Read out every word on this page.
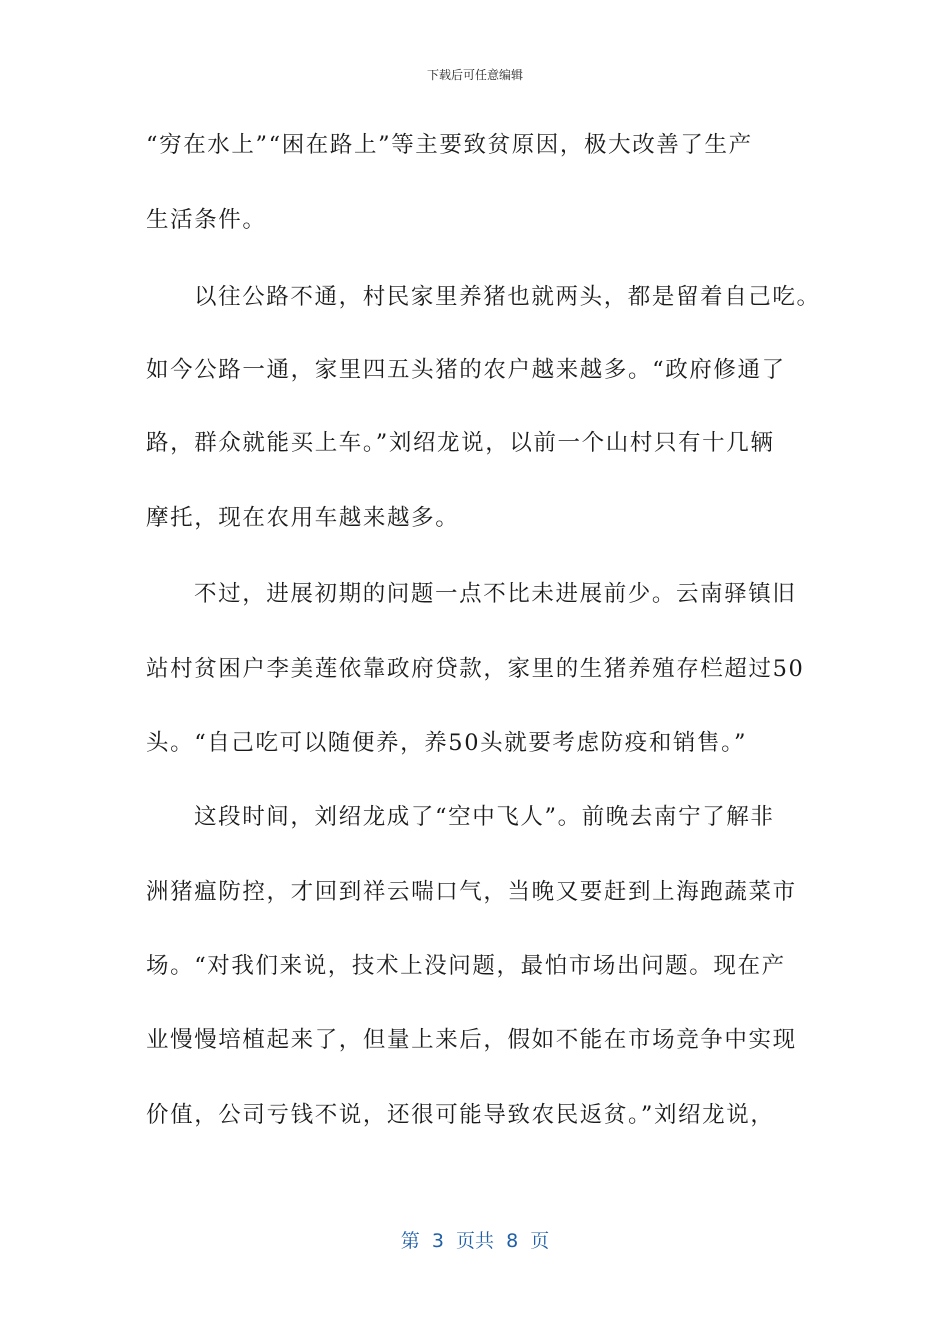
下载后可任意编辑
“穷在水上”“困在路上”等主要致贫原因，极大改善了生产
生活条件。
以往公路不通，村民家里养猪也就两头，都是留着自己吃。
如今公路一通，家里四五头猪的农户越来越多。“政府修通了
路，群众就能买上车。”刘绍龙说，以前一个山村只有十几辆
摩托，现在农用车越来越多。
不过，进展初期的问题一点不比未进展前少。云南驿镇旧
站村贫困户李美莲依靠政府贷款，家里的生猪养殖存栏超过50
头。“自己吃可以随便养，养50头就要考虑防疫和销售。”
这段时间，刘绍龙成了“空中飞人”。前晚去南宁了解非
洲猪瘟防控，才回到祥云喘口气，当晚又要赶到上海跑蔬菜市
场。“对我们来说，技术上没问题，最怕市场出问题。现在产
业慢慢培植起来了，但量上来后，假如不能在市场竞争中实现
价值，公司亏钱不说，还很可能导致农民返贫。”刘绍龙说，
第  3  页共  8  页
